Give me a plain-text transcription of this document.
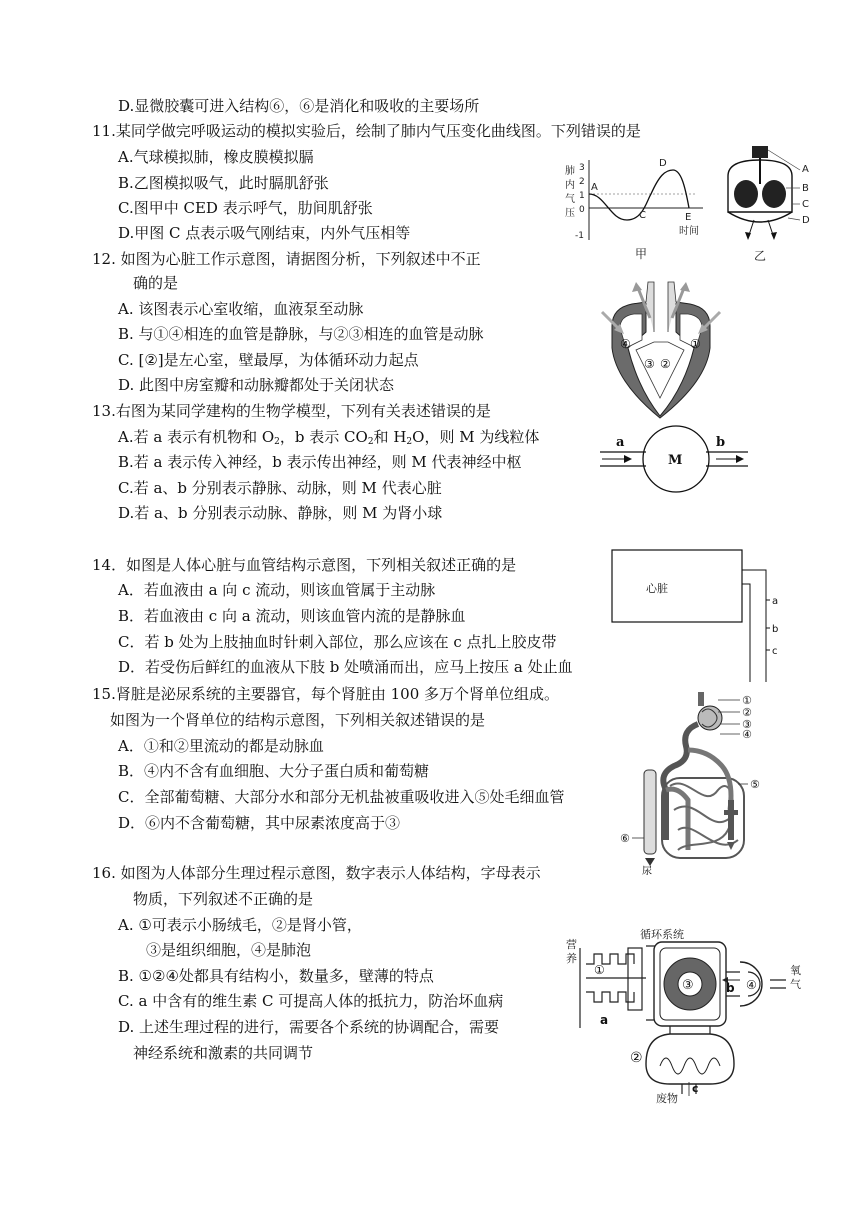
D.显微胶囊可进入结构⑥，⑥是消化和吸收的主要场所
11.某同学做完呼吸运动的模拟实验后，绘制了肺内气压变化曲线图。下列错误的是
A.气球模拟肺，橡皮膜模拟膈
B.乙图模拟吸气，此时膈肌舒张
C.图甲中 CED 表示呼气，肋间肌舒张
D.甲图 C 点表示吸气刚结束，内外气压相等
肺
内
气
压
3
2
1
0
-1
A
D
C	E
时间
甲
A
B
C
D
乙
12. 如图为心脏工作示意图，请据图分析，下列叙述中不正
确的是
A. 该图表示心室收缩，血液泵至动脉
B. 与①④相连的血管是静脉，与②③相连的血管是动脉
C. [②]是左心室，壁最厚，为体循环动力起点
D. 此图中房室瓣和动脉瓣都处于关闭状态
④
③ ②
①
13.右图为某同学建构的生物学模型，下列有关表述错误的是
A.若 a 表示有机物和 $O_2$，b 表示 $CO_2$和 $H_2O$，则 M 为线粒体
B.若 a 表示传入神经，b 表示传出神经，则 M 代表神经中枢
C.若 a、b 分别表示静脉、动脉，则 M 代表心脏
D.若 a、b 分别表示动脉、静脉，则 M 为肾小球
a	b
M
14．如图是人体心脏与血管结构示意图，下列相关叙述正确的是
A．若血液由 a 向 c 流动，则该血管属于主动脉
B．若血液由 c 向 a 流动，则该血管内流的是静脉血
C．若 b 处为上肢抽血时针刺入部位，那么应该在 c 点扎上胶皮带
D．若受伤后鲜红的血液从下肢 b 处喷涌而出，应马上按压 a 处止血
心脏
a
b
c
15.肾脏是泌尿系统的主要器官，每个肾脏由 100 多万个肾单位组成。
如图为一个肾单位的结构示意图，下列相关叙述错误的是
A．①和②里流动的都是动脉血
B．④内不含有血细胞、大分子蛋白质和葡萄糖
C．全部葡萄糖、大部分水和部分无机盐被重吸收进入⑤处毛细血管
D．⑥内不含葡萄糖，其中尿素浓度高于③
①
②
③
④
⑤
⑥
尿
16. 如图为人体部分生理过程示意图，数字表示人体结构，字母表示
物质，下列叙述不正确的是
A. ①可表示小肠绒毛，②是肾小管，
③是组织细胞，④是肺泡
B. ①②④处都具有结构小，数量多，壁薄的特点
C. a 中含有的维生素 C 可提高人体的抵抗力，防治坏血病
D. 上述生理过程的进行，需要各个系统的协调配合，需要
神经系统和激素的共同调节
循环系统
营
养
氧
气
废物
①
②
③	④
a
b
c
